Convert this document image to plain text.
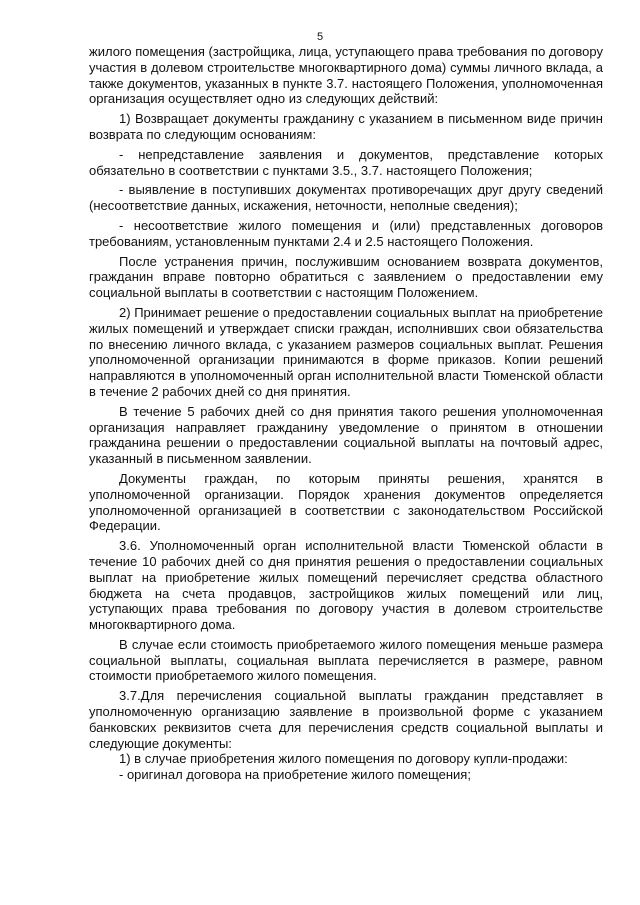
5

жилого помещения (застройщика, лица, уступающего права требования по договору участия в долевом строительстве многоквартирного дома) суммы личного вклада, а также документов, указанных в пункте 3.7. настоящего Положения, уполномоченная организация осуществляет одно из следующих действий:

1) Возвращает документы гражданину с указанием в письменном виде причин возврата по следующим основаниям:

- непредставление заявления и документов, представление которых обязательно в соответствии с пунктами 3.5., 3.7. настоящего Положения;

- выявление в поступивших документах противоречащих друг другу сведений (несоответствие данных, искажения, неточности, неполные сведения);

- несоответствие жилого помещения и (или) представленных договоров требованиям, установленным пунктами 2.4 и 2.5 настоящего Положения.

После устранения причин, послужившим основанием возврата документов, гражданин вправе повторно обратиться с заявлением о предоставлении ему социальной выплаты в соответствии с настоящим Положением.

2) Принимает решение о предоставлении социальных выплат на приобретение жилых помещений и утверждает списки граждан, исполнивших свои обязательства по внесению личного вклада, с указанием размеров социальных выплат. Решения уполномоченной организации принимаются в форме приказов. Копии решений направляются в уполномоченный орган исполнительной власти Тюменской области в течение 2 рабочих дней со дня принятия.

В течение 5 рабочих дней со дня принятия такого решения уполномоченная организация направляет гражданину уведомление о принятом в отношении гражданина решении о предоставлении социальной выплаты на почтовый адрес, указанный в письменном заявлении.

Документы граждан, по которым приняты решения, хранятся в уполномоченной организации. Порядок хранения документов определяется уполномоченной организацией в соответствии с законодательством Российской Федерации.

3.6. Уполномоченный орган исполнительной власти Тюменской области в течение 10 рабочих дней со дня принятия решения о предоставлении социальных выплат на приобретение жилых помещений перечисляет средства областного бюджета на счета продавцов, застройщиков жилых помещений или лиц, уступающих права требования по договору участия в долевом строительстве многоквартирного дома.

В случае если стоимость приобретаемого жилого помещения меньше размера социальной выплаты, социальная выплата перечисляется в размере, равном стоимости приобретаемого жилого помещения.

3.7.Для перечисления социальной выплаты гражданин представляет в уполномоченную организацию заявление в произвольной форме с указанием банковских реквизитов счета для перечисления средств социальной выплаты и следующие документы:

1) в случае приобретения жилого помещения по договору купли-продажи:

- оригинал договора на приобретение жилого помещения;
